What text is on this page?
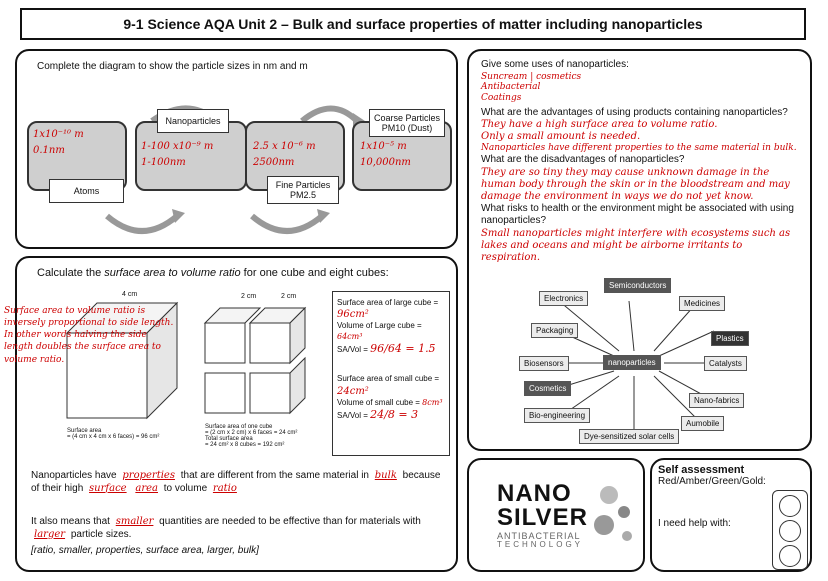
9-1 Science AQA Unit 2 – Bulk and surface properties of matter including nanoparticles
Complete the diagram to show the particle sizes in nm and m
1x10⁻¹⁰ m
0.1nm
Atoms
1-100 x10⁻⁹ m
1-100nm
Nanoparticles
2.5 x 10⁻⁶ m
2500nm
Fine Particles
PM2.5
1x10⁻⁵ m
10,000nm
Coarse Particles
PM10 (Dust)
Give some uses of nanoparticles:
Suncream | cosmetics
Antibacterial
Coatings
What are the advantages of using products containing nanoparticles?
They have a high surface area to volume ratio.
Only a small amount is needed.
Nanoparticles have different properties to the same material in bulk.
What are the disadvantages of nanoparticles?
They are so tiny they may cause unknown damage in the human body through the skin or in the bloodstream and may damage the environment in ways we do not yet know.
What risks to health or the environment might be associated with using nanoparticles?
Small nanoparticles might interfere with ecosystems such as lakes and oceans and might be airborne irritants to respiration.
nanoparticles
Semiconductors
Electronics
Medicines
Packaging
Plastics
Biosensors	Catalysts
Cosmetics
Nano-fabrics
Bio-engineering
Aumobile
Dye-sensitized solar cells
Calculate the surface area to volume ratio for one cube and eight cubes:
4 cm
Surface area
= (4 cm x 4 cm x 6 faces) = 96 cm²
2 cm	2 cm
Surface area of one cube
= (2 cm x 2 cm) x 6 faces = 24 cm²
Total surface area
= 24 cm² x 8 cubes = 192 cm²
Surface area to volume ratio is inversely proportional to side length. In other words halving the side length doubles the surface area to volume ratio.
Surface area of large cube = 96cm²
Volume of Large cube = 64cm³
SA/Vol = 96/64 = 1.5
Surface area of small cube = 24cm²
Volume of small cube = 8cm³
SA/Vol = 24/8 = 3
Nanoparticles have properties that are different from the same material in bulk because of their high surface area to volume ratio
It also means that smaller quantities are needed to be effective than for materials with larger particle sizes.
[ratio, smaller, properties, surface area, larger, bulk]
NANO
SILVER
ANTIBACTERIAL
TECHNOLOGY
Self assessment
Red/Amber/Green/Gold:
I need help with:
